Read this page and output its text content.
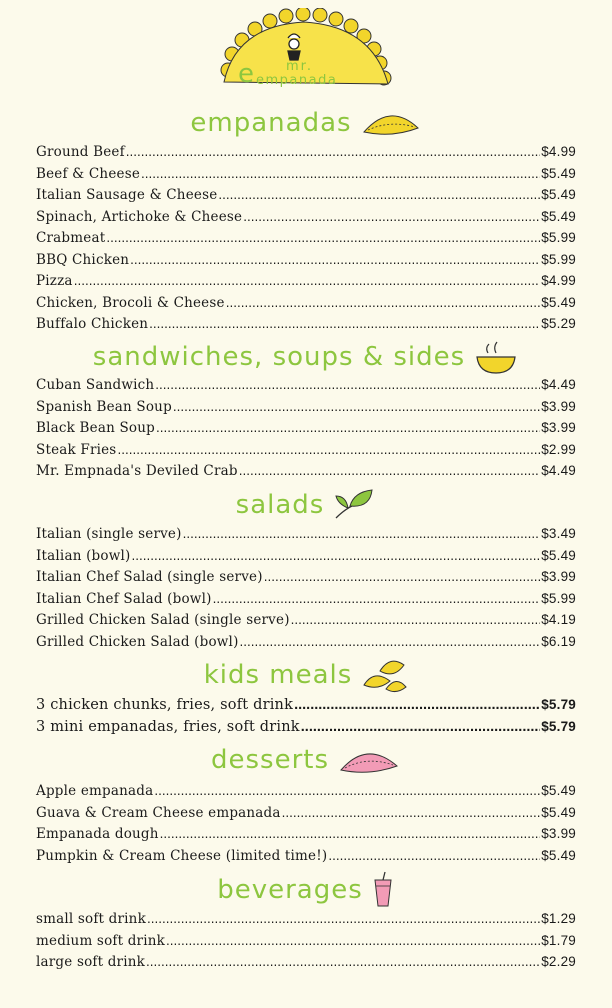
e mr.
empanada
empanadas
Ground Beef .....	$4.99
Beef & Cheese .....	$5.49
Italian Sausage & Cheese .....	$5.49
Spinach, Artichoke & Cheese .....	$5.49
Crabmeat .....	$5.99
BBQ Chicken .....	$5.99
Pizza .....	$4.99
Chicken, Brocoli & Cheese .....	$5.49
Buffalo Chicken .....	$5.29
sandwiches, soups & sides
Cuban Sandwich .....	$4.49
Spanish Bean Soup .....	$3.99
Black Bean Soup .....	$3.99
Steak Fries .....	$2.99
Mr. Empnada's Deviled Crab .....	$4.49
salads
Italian (single serve) .....	$3.49
Italian (bowl) .....	$5.49
Italian Chef Salad (single serve) .....	$3.99
Italian Chef Salad (bowl) .....	$5.99
Grilled Chicken Salad (single serve) .....	$4.19
Grilled Chicken Salad (bowl) .....	$6.19
kids meals
3 chicken chunks, fries, soft drink .....	$5.79
3 mini empanadas, fries, soft drink .....	$5.79
desserts
Apple empanada .....	$5.49
Guava & Cream Cheese empanada .....	$5.49
Empanada dough .....	$3.99
Pumpkin & Cream Cheese (limited time!) .....	$5.49
beverages
small soft drink .....	$1.29
medium soft drink .....	$1.79
large soft drink .....	$2.29
